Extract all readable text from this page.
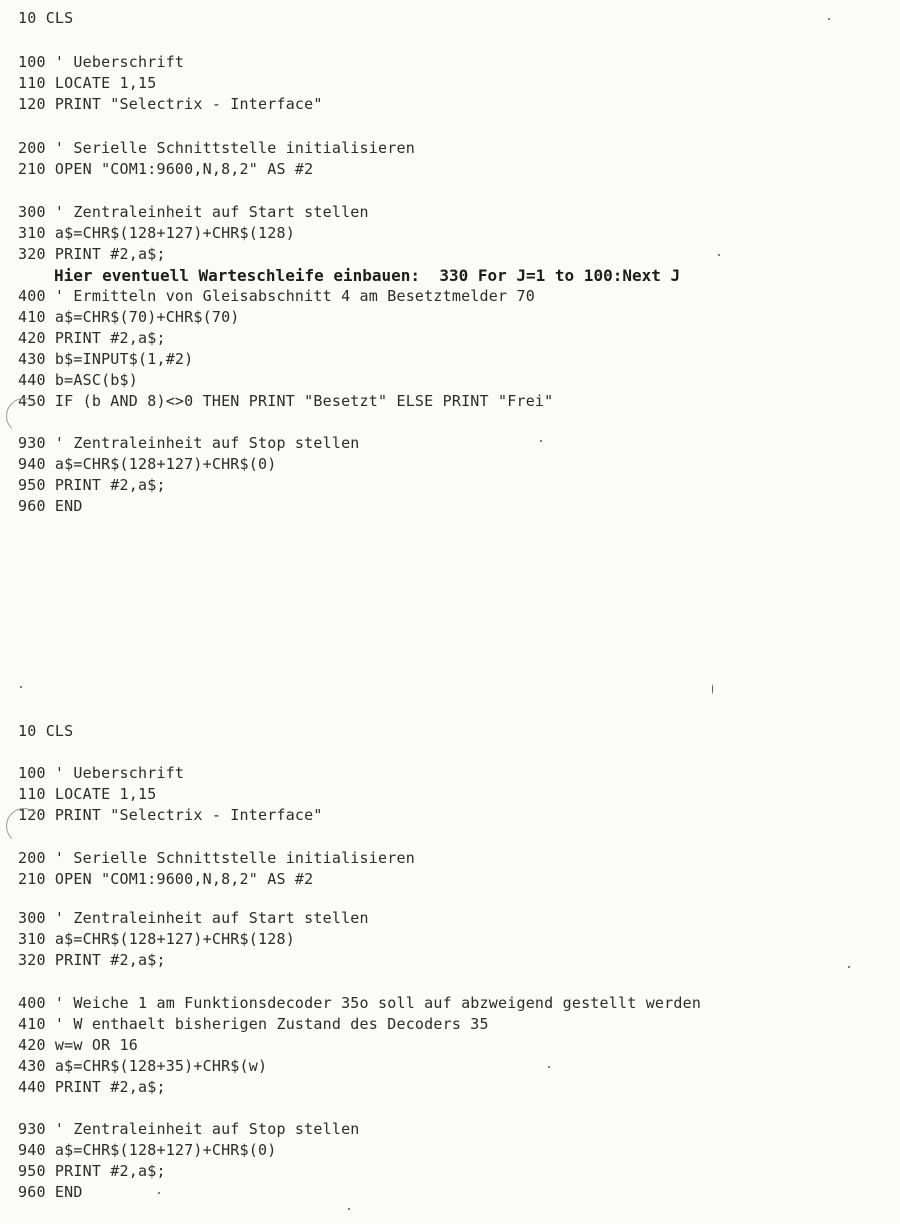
10 CLS

100 ' Ueberschrift

110 LOCATE 1,15

120 PRINT "Selectrix - Interface"

200 ' Serielle Schnittstelle initialisieren

210 OPEN "COM1:9600,N,8,2" AS #2

300 ' Zentraleinheit auf Start stellen

310 a$=CHR$(128+127)+CHR$(128)

320 PRINT #2,a$;

Hier eventuell Warteschleife einbauen:  330 For J=1 to 100:Next J

400 ' Ermitteln von Gleisabschnitt 4 am Besetztmelder 70

410 a$=CHR$(70)+CHR$(70)

420 PRINT #2,a$;

430 b$=INPUT$(1,#2)

440 b=ASC(b$)

450 IF (b AND 8)<>0 THEN PRINT "Besetzt" ELSE PRINT "Frei"

930 ' Zentraleinheit auf Stop stellen

940 a$=CHR$(128+127)+CHR$(0)

950 PRINT #2,a$;

960 END

10 CLS

100 ' Ueberschrift

110 LOCATE 1,15

120 PRINT "Selectrix - Interface"

200 ' Serielle Schnittstelle initialisieren

210 OPEN "COM1:9600,N,8,2" AS #2

300 ' Zentraleinheit auf Start stellen

310 a$=CHR$(128+127)+CHR$(128)

320 PRINT #2,a$;

400 ' Weiche 1 am Funktionsdecoder 35o soll auf abzweigend gestellt werden

410 ' W enthaelt bisherigen Zustand des Decoders 35

420 w=w OR 16

430 a$=CHR$(128+35)+CHR$(w)

440 PRINT #2,a$;

930 ' Zentraleinheit auf Stop stellen

940 a$=CHR$(128+127)+CHR$(0)

950 PRINT #2,a$;

960 END
